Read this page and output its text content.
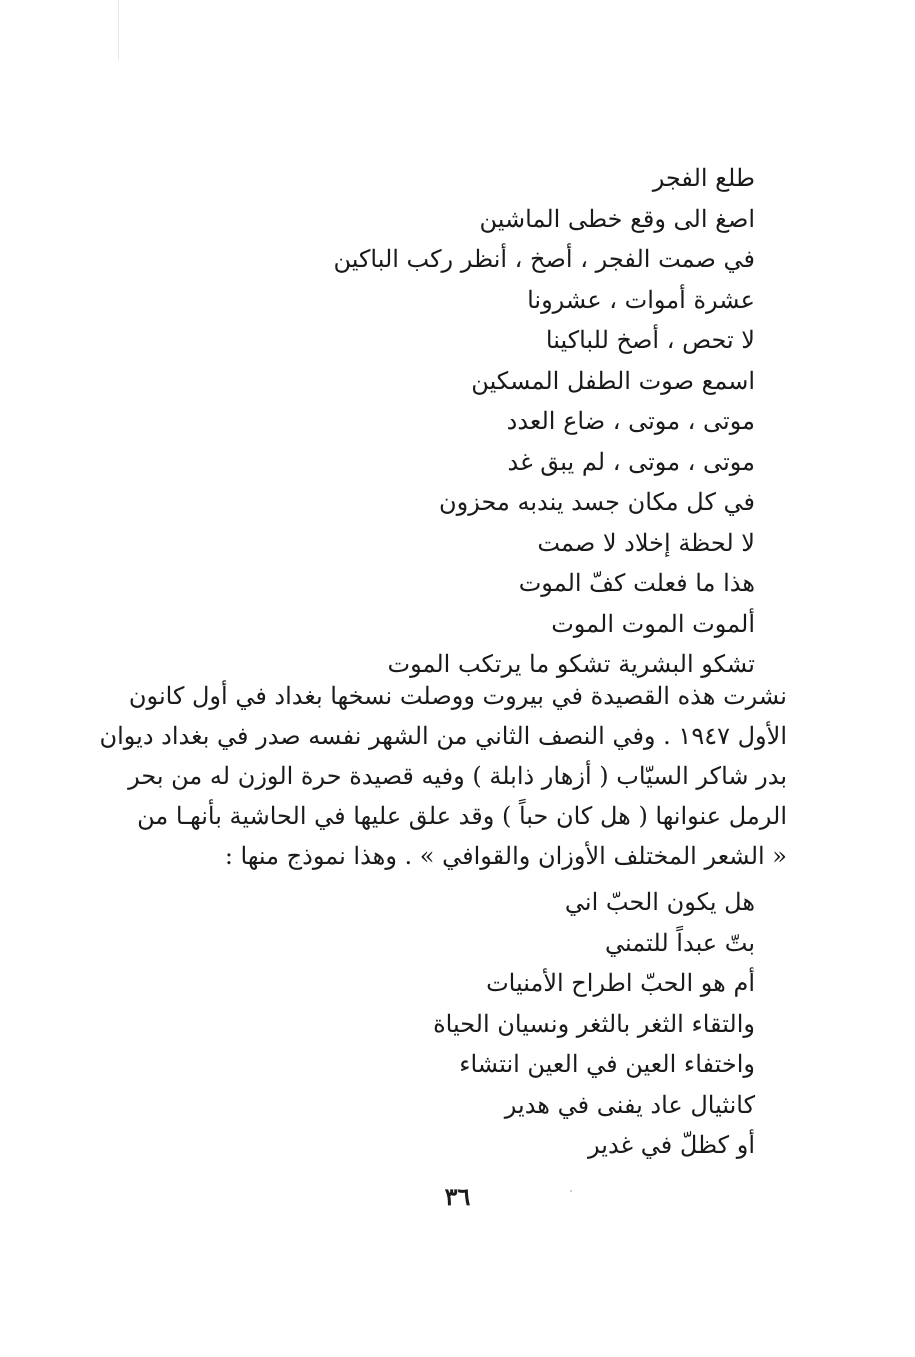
طلع الفجر
اصغ الى وقع خطى الماشين
في صمت الفجر ، أصخ ، أنظر ركب الباكين
عشرة أموات ، عشرونا
لا تحص ، أصخ للباكينا
اسمع صوت الطفل المسكين
موتى ، موتى ، ضاع العدد
موتى ، موتى ، لم يبق غد
في كل مكان جسد يندبه محزون
لا لحظة إخلاد لا صمت
هذا ما فعلت كفّ الموت
ألموت الموت الموت
تشكو البشرية تشكو ما يرتكب الموت
نشرت هذه القصيدة في بيروت ووصلت نسخها بغداد في أول كانون
الأول ١٩٤٧ . وفي النصف الثاني من الشهر نفسه صدر في بغداد ديوان
بدر شاكر السيّاب ( أزهار ذابلة ) وفيه قصيدة حرة الوزن له من بحر
الرمل عنوانها ( هل كان حباً ) وقد علق عليها في الحاشية بأنهـا من
« الشعر المختلف الأوزان والقوافي » . وهذا نموذج منها :
هل يكون الحبّ اني
بتّ عبداً للتمني
أم هو الحبّ اطراح الأمنيات
والتقاء الثغر بالثغر ونسيان الحياة
واختفاء العين في العين انتشاء
كانثيال عاد يفنى في هدير
أو كظلّ في غدير
٣٦
